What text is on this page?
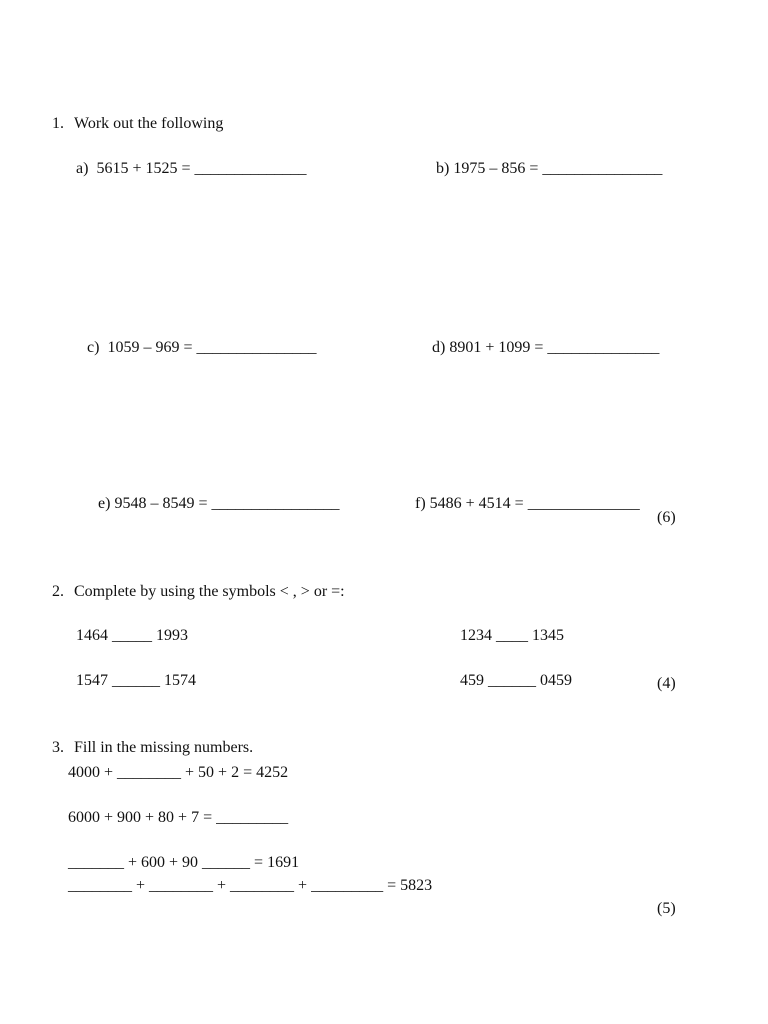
1. Work out the following

a) 5615 + 1525 = ______________	b) 1975 – 856 = _______________

c) 1059 – 969 = _______________	d) 8901 + 1099 = ______________

e) 9548 – 8549 = ________________	f) 5486 + 4514 = ______________

(6)

2. Complete by using the symbols < , > or =:

1464 _____ 1993	1234 ____ 1345

1547 ______ 1574	459 ______ 0459	(4)

3. Fill in the missing numbers.

4000 + ________ + 50 + 2 = 4252
6000 + 900 + 80 + 7 = _________
_______ + 600 + 90 ______ = 1691
________ + ________ + ________ + _________ = 5823
(5)
